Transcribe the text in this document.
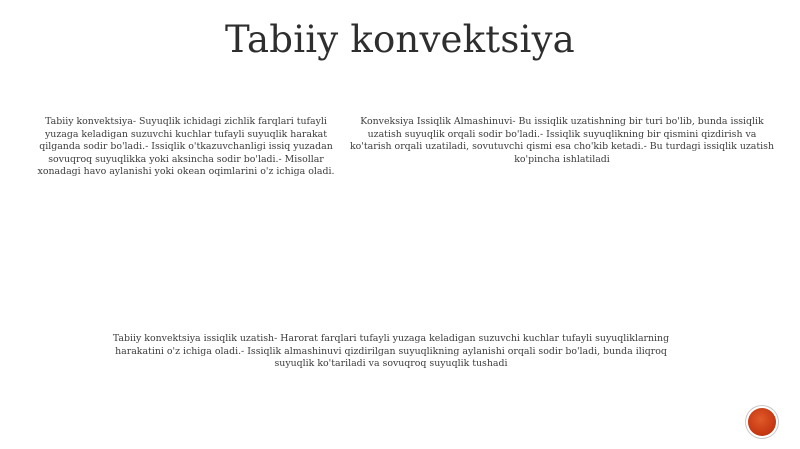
Tabiiy konvektsiya
Tabiiy konvektsiya- Suyuqlik ichidagi zichlik farqlari tufayli yuzaga keladigan suzuvchi kuchlar tufayli suyuqlik harakat qilganda sodir bo'ladi.- Issiqlik o'tkazuvchanligi issiq yuzadan sovuqroq suyuqlikka yoki aksincha sodir bo'ladi.- Misollar xonadagi havo aylanishi yoki okean oqimlarini o'z ichiga oladi.
Konveksiya Issiqlik Almashinuvi- Bu issiqlik uzatishning bir turi bo'lib, bunda issiqlik uzatish suyuqlik orqali sodir bo'ladi.- Issiqlik suyuqlikning bir qismini qizdirish va ko'tarish orqali uzatiladi, sovutuvchi qismi esa cho'kib ketadi.- Bu turdagi issiqlik uzatish ko'pincha ishlatiladi
Tabiiy konvektsiya issiqlik uzatish- Harorat farqlari tufayli yuzaga keladigan suzuvchi kuchlar tufayli suyuqliklarning harakatini o'z ichiga oladi.- Issiqlik almashinuvi qizdirilgan suyuqlikning aylanishi orqali sodir bo'ladi, bunda iliqroq suyuqlik ko'tariladi va sovuqroq suyuqlik tushadi
